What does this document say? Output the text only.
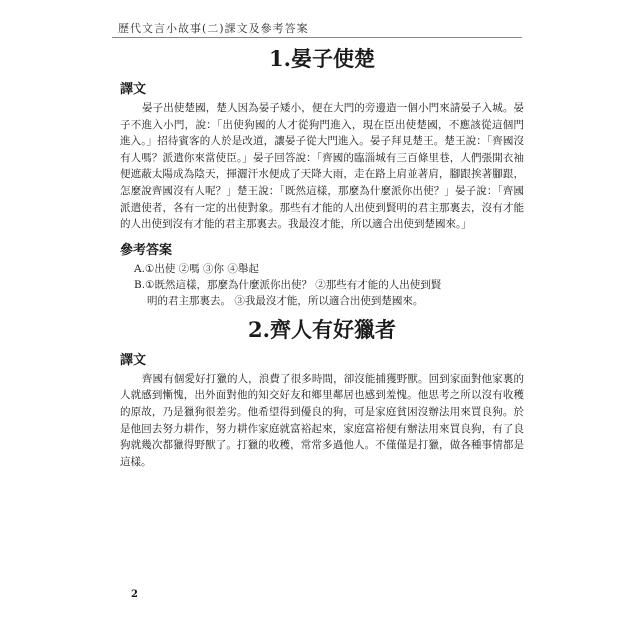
歷代文言小故事(二)課文及參考答案
1.晏子使楚
譯文

晏子出使楚國，楚人因為晏子矮小，便在大門的旁邊造一個小門來請晏子入城。晏子不進入小門，說：「出使狗國的人才從狗門進入，現在臣出使楚國，不應該從這個門進入。」招待賓客的人於是改道，讓晏子從大門進入。晏子拜見楚王。楚王說：「齊國沒有人嗎？派遣你來當使臣。」晏子回答說：「齊國的臨淄城有三百條里巷，人們張開衣袖便遮蔽太陽成為陰天，揮灑汗水便成了天降大雨，走在路上肩並著肩，腳跟挨著腳跟，怎麼說齊國沒有人呢？」楚王說：「既然這樣，那麼為什麼派你出使？」晏子說：「齊國派遣使者，各有一定的出使對象。那些有才能的人出使到賢明的君主那裏去，沒有才能的人出使到沒有才能的君主那裏去。我最沒才能，所以適合出使到楚國來。」

參考答案
A.①出使 ②嗎 ③你 ④舉起
B.①既然這樣，那麼為什麼派你出使？ ②那些有才能的人出使到賢
明的君主那裏去。 ③我最沒才能，所以適合出使到楚國來。
2.齊人有好獵者
譯文

齊國有個愛好打獵的人，浪費了很多時間，卻沒能捕獲野獸。回到家面對他家裏的人就感到慚愧，出外面對他的知交好友和鄉里鄰居也感到羞愧。他思考之所以沒有收穫的原故，乃是獵狗很差劣。他希望得到優良的狗，可是家庭貧困沒辦法用來買良狗。於是他回去努力耕作，努力耕作家庭就富裕起來，家庭富裕便有辦法用來買良狗，有了良狗就幾次都獵得野獸了。打獵的收穫，常常多過他人。不僅僅是打獵，做各種事情都是這樣。

2
